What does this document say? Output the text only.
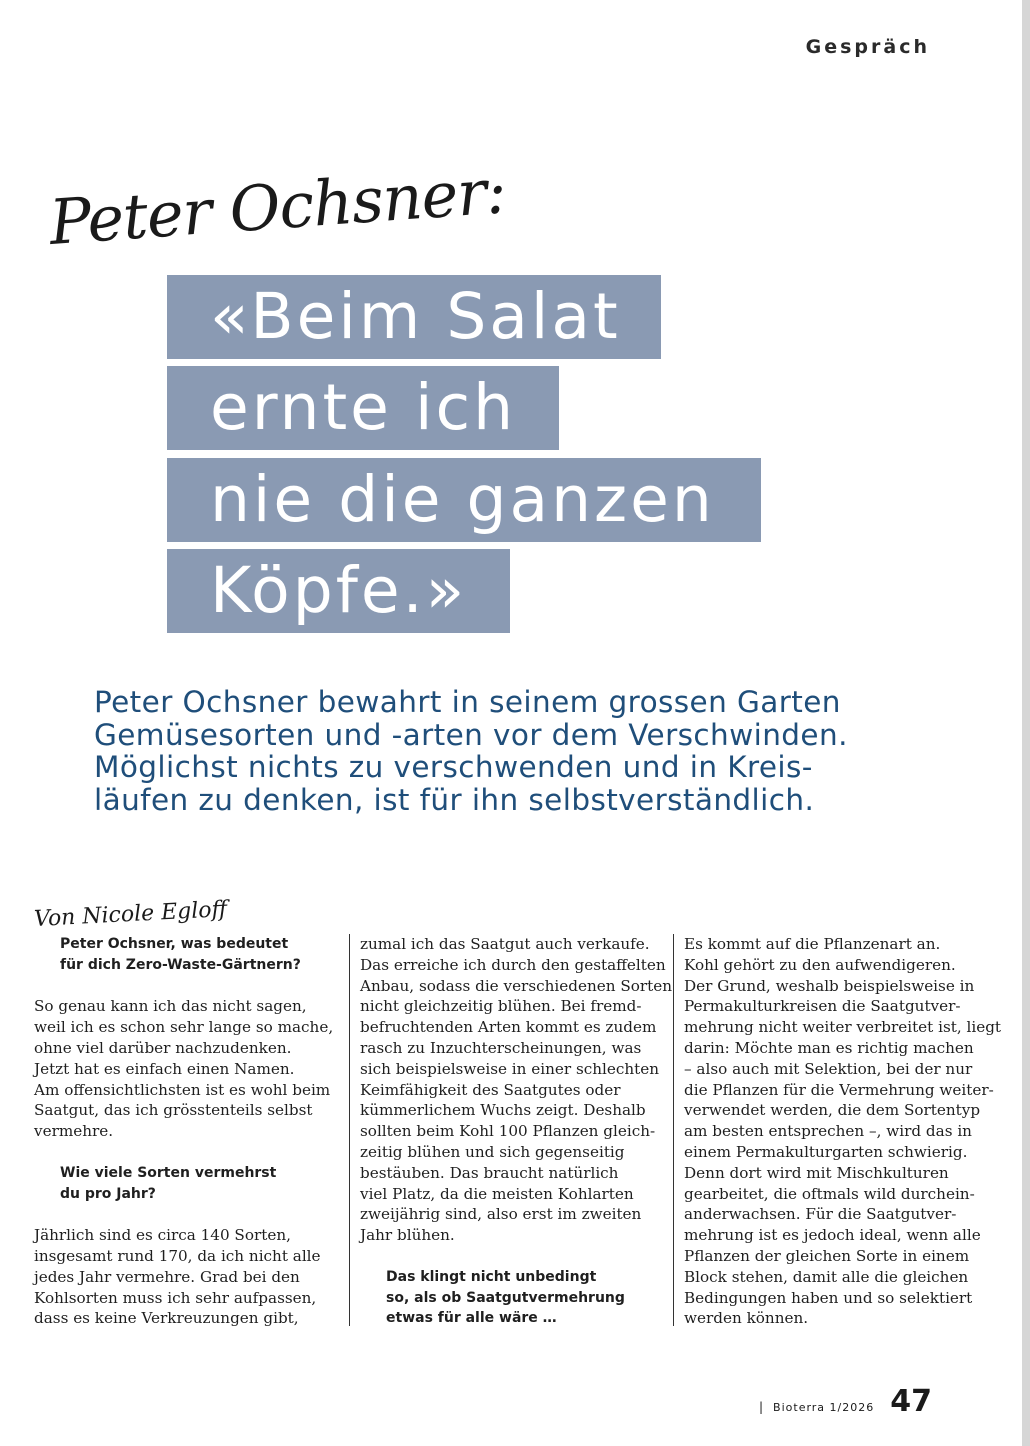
Gespräch
Peter Ochsner:
«Beim Salat
ernte ich
nie die ganzen
Köpfe.»
Peter Ochsner bewahrt in seinem grossen Garten
Gemüsesorten und -arten vor dem Verschwinden.
Möglichst nichts zu verschwenden und in Kreis-
läufen zu denken, ist für ihn selbstverständlich.
Von Nicole Egloff
Peter Ochsner, was bedeutet
für dich Zero-Waste-Gärtnern?
So genau kann ich das nicht sagen,
weil ich es schon sehr lange so mache,
ohne viel darüber nachzudenken.
Jetzt hat es einfach einen Namen.
Am offensichtlichsten ist es wohl beim
Saatgut, das ich grösstenteils selbst
vermehre.
Wie viele Sorten vermehrst
du pro Jahr?
Jährlich sind es circa 140 Sorten,
insgesamt rund 170, da ich nicht alle
jedes Jahr vermehre. Grad bei den
Kohlsorten muss ich sehr aufpassen,
dass es keine Verkreuzungen gibt,
zumal ich das Saatgut auch verkaufe.
Das erreiche ich durch den gestaffelten
Anbau, sodass die verschiedenen Sorten
nicht gleichzeitig blühen. Bei fremd-
befruchtenden Arten kommt es zudem
rasch zu Inzuchterscheinungen, was
sich beispielsweise in einer schlechten
Keimfähigkeit des Saatgutes oder
kümmerlichem Wuchs zeigt. Deshalb
sollten beim Kohl 100 Pflanzen gleich-
zeitig blühen und sich gegenseitig
bestäuben. Das braucht natürlich
viel Platz, da die meisten Kohlarten
zweijährig sind, also erst im zweiten
Jahr blühen.
Das klingt nicht unbedingt
so, als ob Saatgutvermehrung
etwas für alle wäre …
Es kommt auf die Pflanzenart an.
Kohl gehört zu den aufwendigeren.
Der Grund, weshalb beispielsweise in
Permakulturkreisen die Saatgutver-
mehrung nicht weiter verbreitet ist, liegt
darin: Möchte man es richtig machen
– also auch mit Selektion, bei der nur
die Pflanzen für die Vermehrung weiter-
verwendet werden, die dem Sortentyp
am besten entsprechen –, wird das in
einem Permakulturgarten schwierig.
Denn dort wird mit Mischkulturen
gearbeitet, die oftmals wild durchein-
anderwachsen. Für die Saatgutver-
mehrung ist es jedoch ideal, wenn alle
Pflanzen der gleichen Sorte in einem
Block stehen, damit alle die gleichen
Bedingungen haben und so selektiert
werden können.
| Bioterra 1/2026 47
